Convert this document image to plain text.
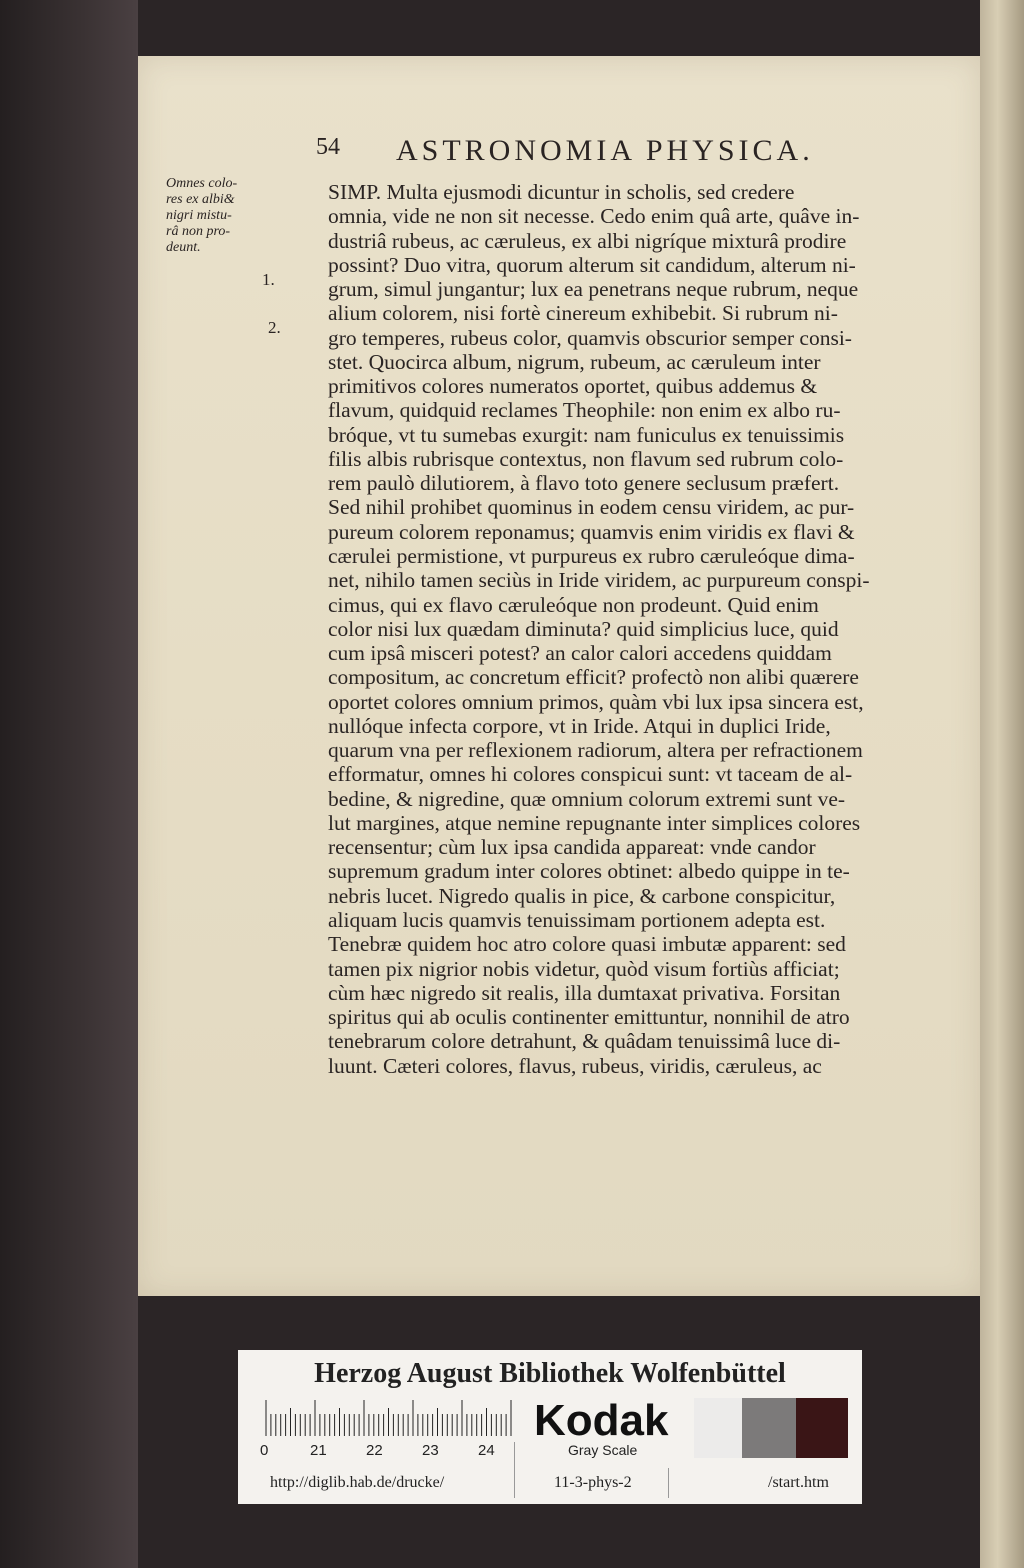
54 ASTRONOMIA PHYSICA.
Omnes colo-
res ex albi&
nigri mistu-
râ non pro-
deunt.
1.
2.
SIMP. Multa ejusmodi dicuntur in scholis, sed credere
omnia, vide ne non sit necesse. Cedo enim quâ arte, quâve in-
dustriâ rubeus, ac cæruleus, ex albi nigríque mixturâ prodire
possint? Duo vitra, quorum alterum sit candidum, alterum ni-
grum, simul jungantur; lux ea penetrans neque rubrum, neque
alium colorem, nisi fortè cinereum exhibebit. Si rubrum ni-
gro temperes, rubeus color, quamvis obscurior semper consi-
stet. Quocirca album, nigrum, rubeum, ac cæruleum inter
primitivos colores numeratos oportet, quibus addemus &
flavum, quidquid reclames Theophile: non enim ex albo ru-
bróque, vt tu sumebas exurgit: nam funiculus ex tenuissimis
filis albis rubrisque contextus, non flavum sed rubrum colo-
rem paulò dilutiorem, à flavo toto genere seclusum præfert.
Sed nihil prohibet quominus in eodem censu viridem, ac pur-
pureum colorem reponamus; quamvis enim viridis ex flavi &
cærulei permistione, vt purpureus ex rubro cæruleóque dima-
net, nihilo tamen seciùs in Iride viridem, ac purpureum conspi-
cimus, qui ex flavo cæruleóque non prodeunt. Quid enim
color nisi lux quædam diminuta? quid simplicius luce, quid
cum ipsâ misceri potest? an calor calori accedens quiddam
compositum, ac concretum efficit? profectò non alibi quærere
oportet colores omnium primos, quàm vbi lux ipsa sincera est,
nullóque infecta corpore, vt in Iride. Atqui in duplici Iride,
quarum vna per reflexionem radiorum, altera per refractionem
efformatur, omnes hi colores conspicui sunt: vt taceam de al-
bedine, & nigredine, quæ omnium colorum extremi sunt ve-
lut margines, atque nemine repugnante inter simplices colores
recensentur; cùm lux ipsa candida appareat: vnde candor
supremum gradum inter colores obtinet: albedo quippe in te-
nebris lucet. Nigredo qualis in pice, & carbone conspicitur,
aliquam lucis quamvis tenuissimam portionem adepta est.
Tenebræ quidem hoc atro colore quasi imbutæ apparent: sed
tamen pix nigrior nobis videtur, quòd visum fortiùs afficiat;
cùm hæc nigredo sit realis, illa dumtaxat privativa. Forsitan
spiritus qui ab oculis continenter emittuntur, nonnihil de atro
tenebrarum colore detrahunt, & quâdam tenuissimâ luce di-
luunt. Cæteri colores, flavus, rubeus, viridis, cæruleus, ac
Herzog August Bibliothek Wolfenbüttel
0	21	22	23	24
Kodak
Gray Scale
http://diglib.hab.de/drucke/	11-3-phys-2	/start.htm
